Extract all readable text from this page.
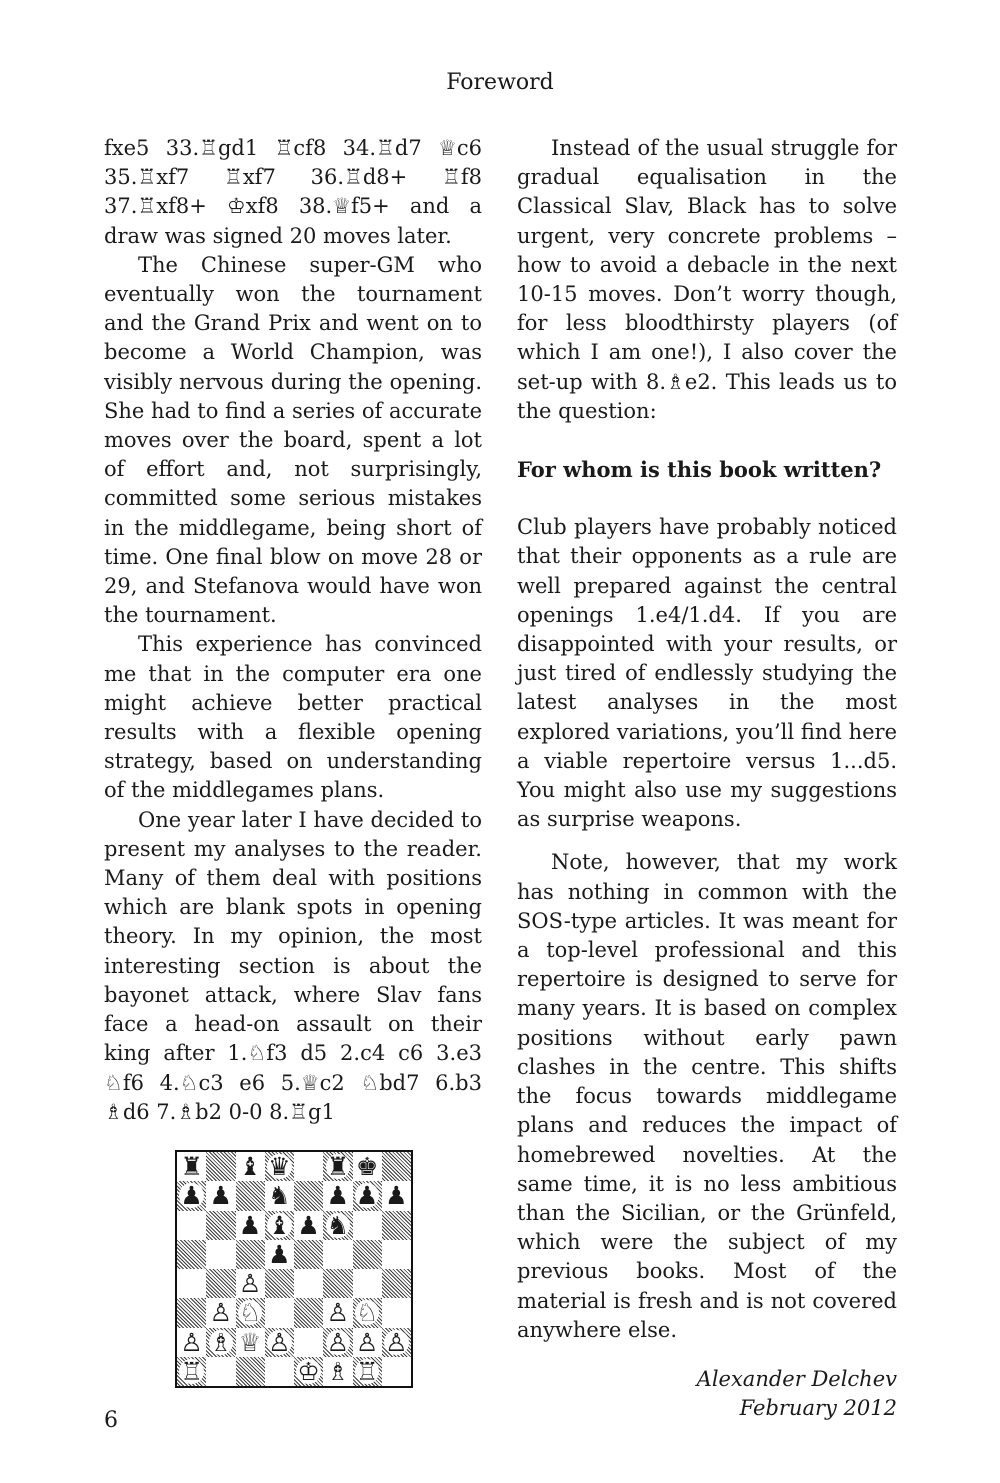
Foreword

fxe5 33.♖gd1 ♖cf8 34.♖d7 ♕c6 35.♖xf7 ♖xf7 36.♖d8+ ♖f8 37.♖xf8+ ♔xf8 38.♕f5+ and a draw was signed 20 moves later.

The Chinese super-GM who eventually won the tournament and the Grand Prix and went on to become a World Champion, was visibly nervous during the opening. She had to find a series of accurate moves over the board, spent a lot of effort and, not surprisingly, committed some serious mistakes in the middlegame, being short of time. One final blow on move 28 or 29, and Stefanova would have won the tournament.

This experience has convinced me that in the computer era one might achieve better practical results with a flexible opening strategy, based on understanding of the middlegames plans.

One year later I have decided to present my analyses to the reader. Many of them deal with positions which are blank spots in opening theory. In my opinion, the most interesting section is about the bayonet attack, where Slav fans face a head-on assault on their king after 1.♘f3 d5 2.c4 c6 3.e3 ♘f6 4.♘c3 e6 5.♕c2 ♘bd7 6.b3 ♗d6 7.♗b2 0-0 8.♖g1

♜ ♝ ♛ ♜ ♚
♟ ♟ ♞ ♟ ♟ ♟
♟ ♝ ♟ ♞
♟
♙
♙ ♘	♙ ♘
♙ ♗ ♕ ♙ ♙ ♙ ♙
♖	♔ ♗ ♖

Instead of the usual struggle for gradual equalisation in the Classical Slav, Black has to solve urgent, very concrete problems – how to avoid a debacle in the next 10-15 moves. Don’t worry though, for less bloodthirsty players (of which I am one!), I also cover the set-up with 8.♗e2. This leads us to the question:

For whom is this book written?

Club players have probably noticed that their opponents as a rule are well prepared against the central openings 1.e4/1.d4. If you are disappointed with your results, or just tired of endlessly studying the latest analyses in the most explored variations, you’ll find here a viable repertoire versus 1...d5. You might also use my suggestions as surprise weapons.

Note, however, that my work has nothing in common with the SOS-type articles. It was meant for a top-level professional and this repertoire is designed to serve for many years. It is based on complex positions without early pawn clashes in the centre. This shifts the focus towards middlegame plans and reduces the impact of homebrewed novelties. At the same time, it is no less ambitious than the Sicilian, or the Grünfeld, which were the subject of my previous books. Most of the material is fresh and is not covered anywhere else.

Alexander Delchev
February 2012

6
